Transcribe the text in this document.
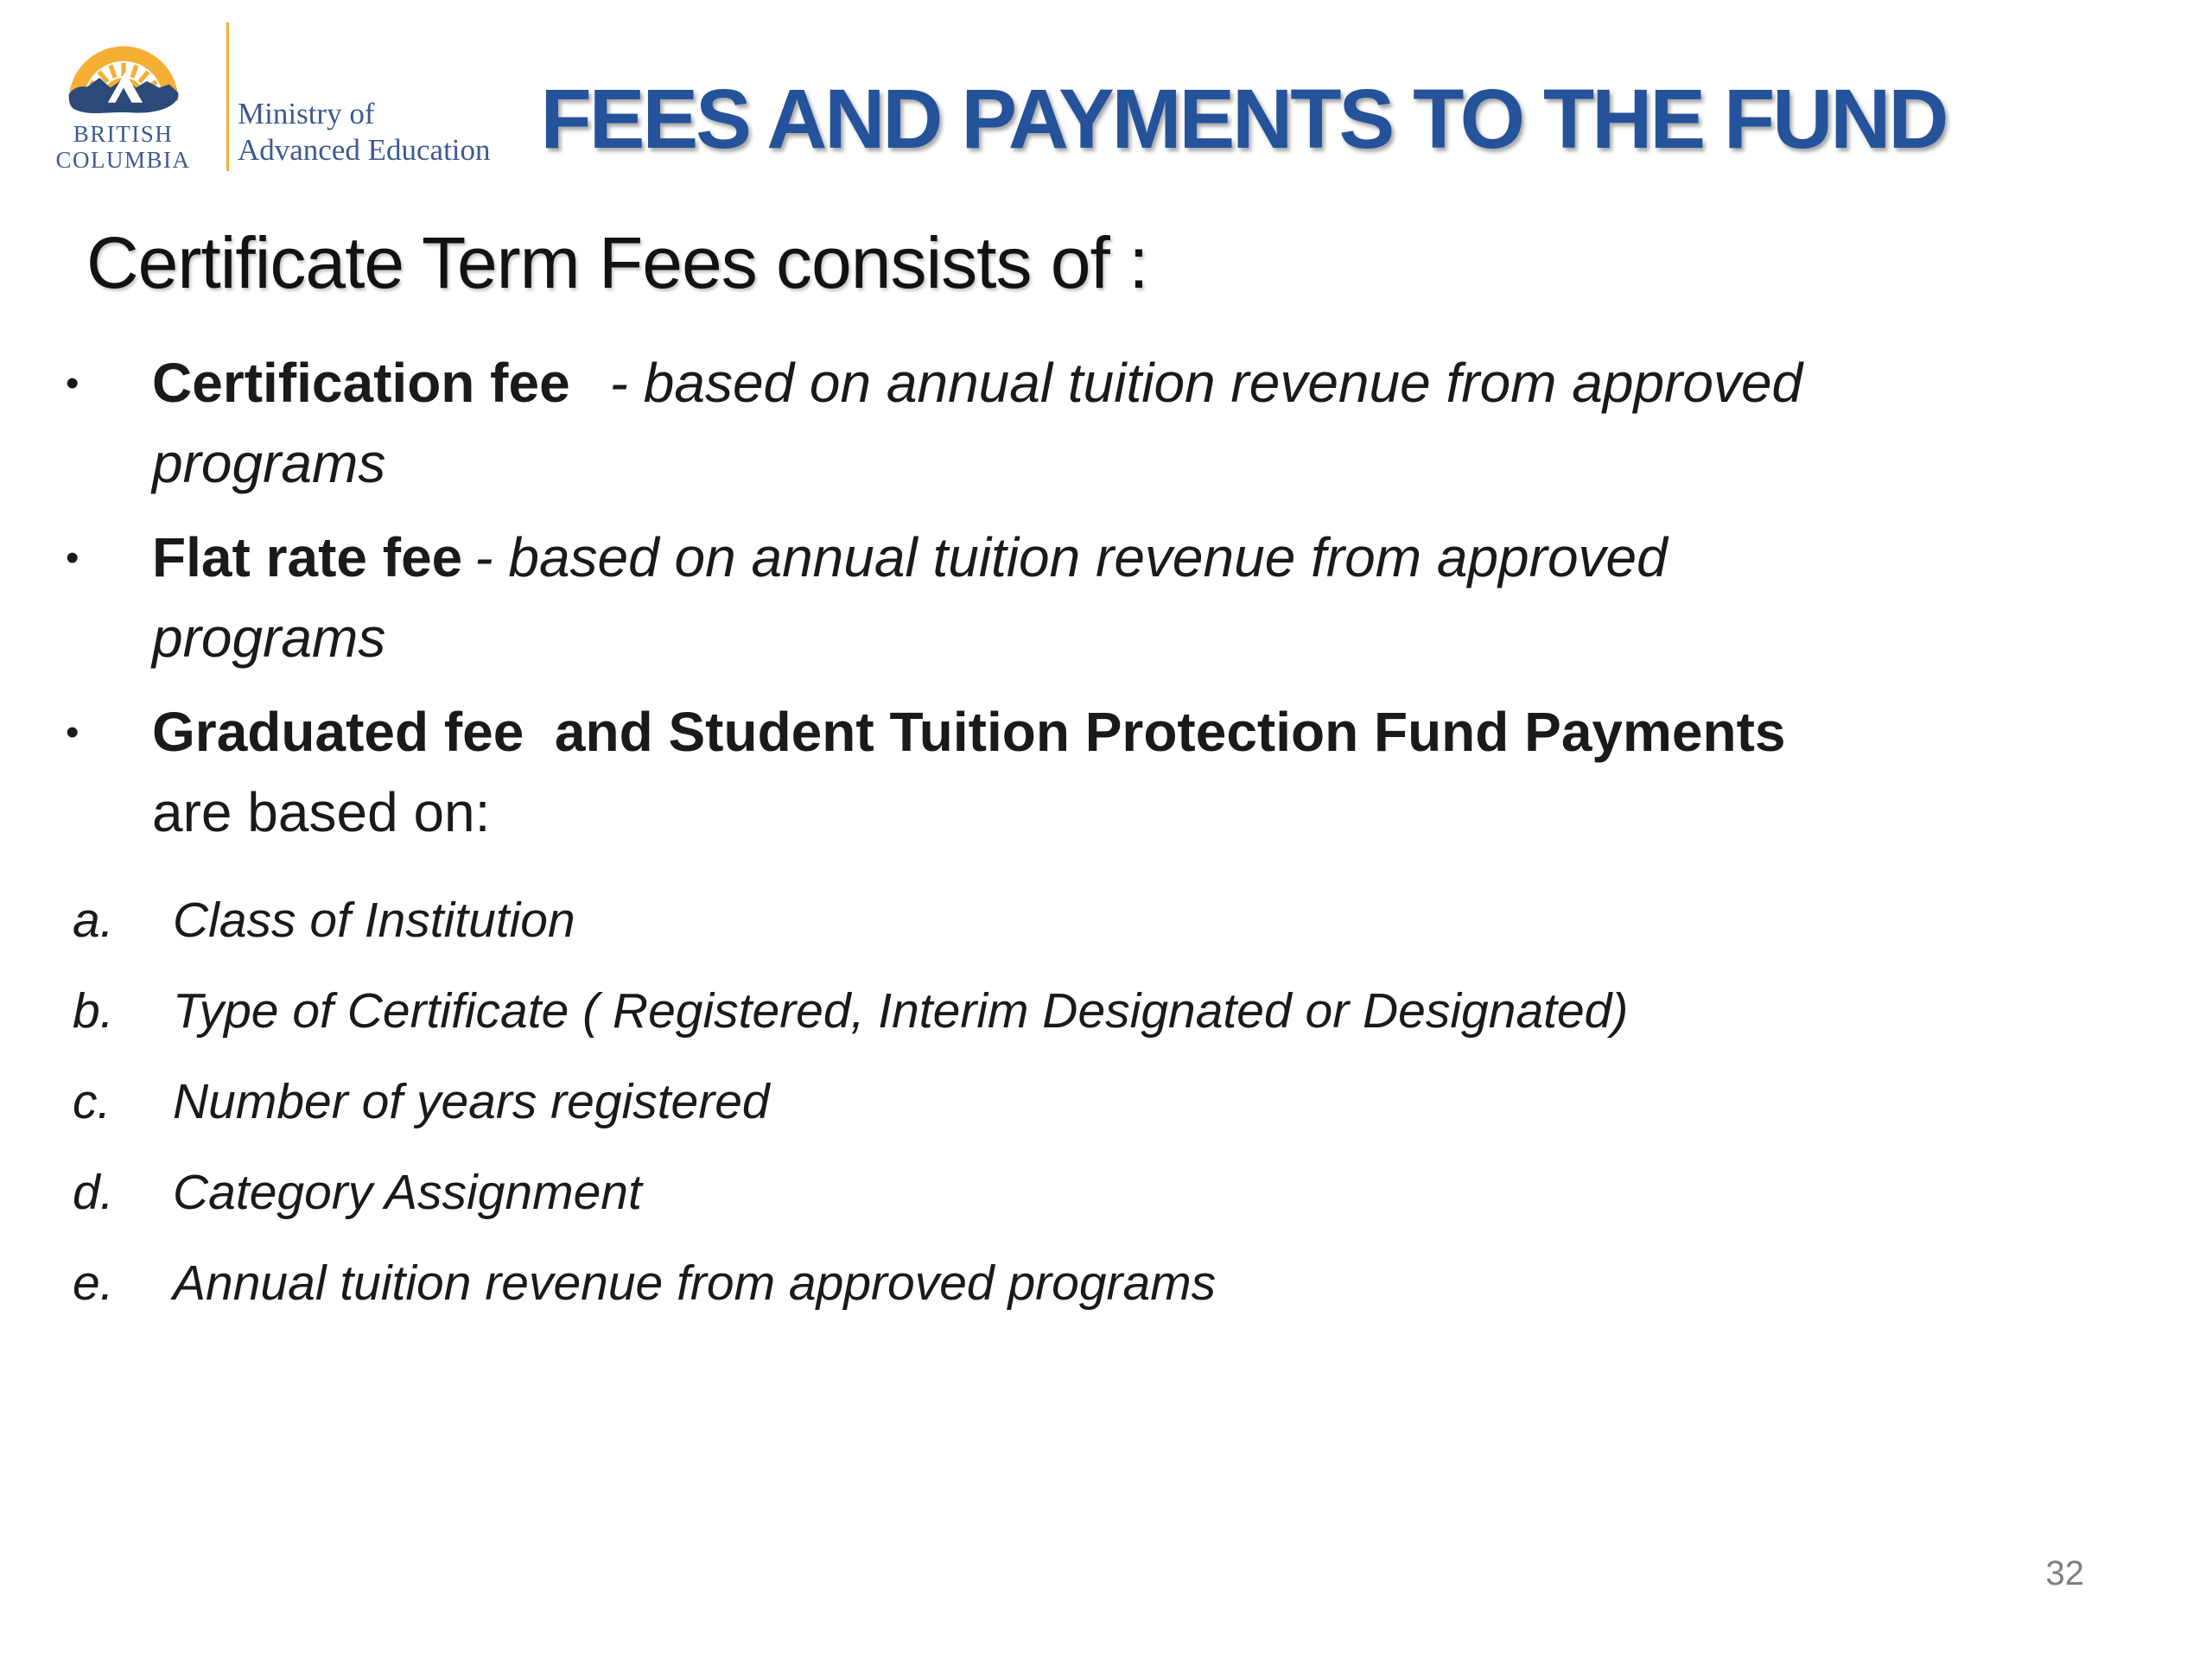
BRITISH
COLUMBIA
Ministry of
Advanced Education FEES AND PAYMENTS TO THE FUND
Certificate Term Fees consists of :
•	Certification fee - based on annual tuition revenue from approved
programs
•	Flat rate fee - based on annual tuition revenue from approved
programs
•	Graduated fee  and Student Tuition Protection Fund Payments
are based on:
a.	Class of Institution
b.	Type of Certificate ( Registered, Interim Designated or Designated)
c.	Number of years registered
d.	Category Assignment
e.	Annual tuition revenue from approved programs
32
